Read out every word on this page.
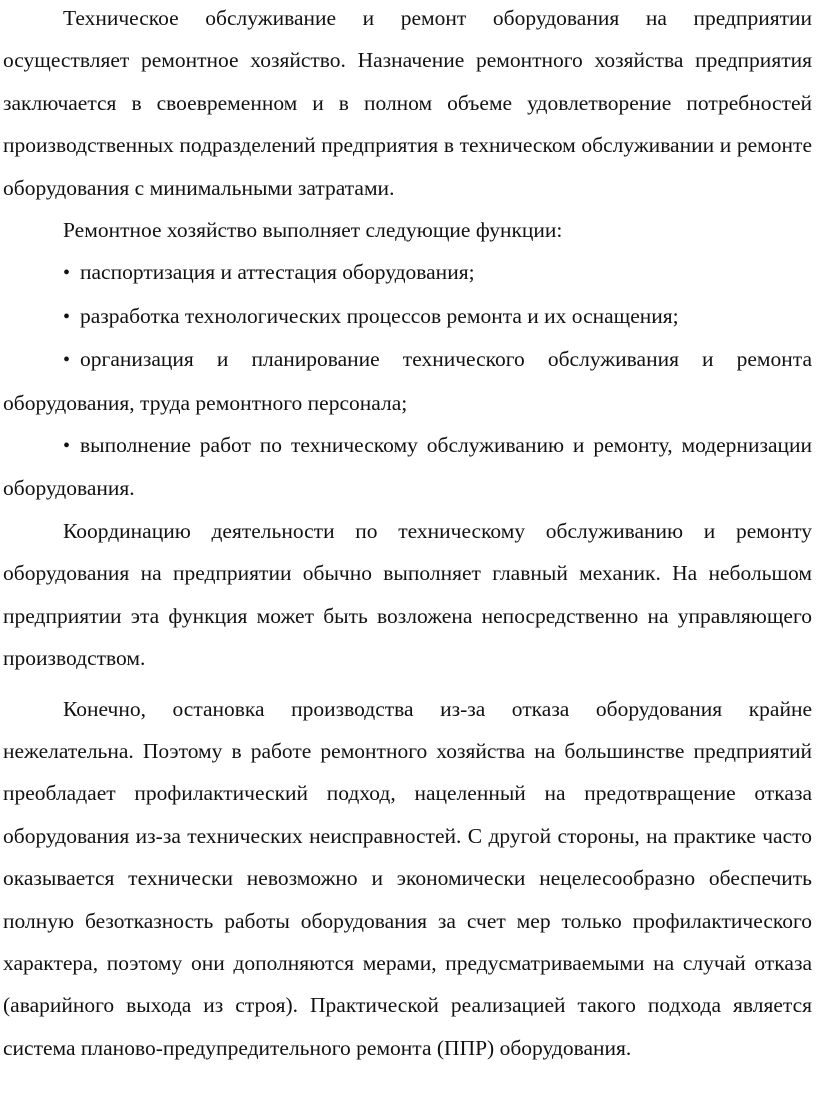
Техническое обслуживание и ремонт оборудования на предприятии осуществляет ремонтное хозяйство. Назначение ремонтного хозяйства предприятия заключается в своевременном и в полном объеме удовлетворение потребностей производственных подразделений предприятия в техническом обслуживании и ремонте оборудования с минимальными затратами.

Ремонтное хозяйство выполняет следующие функции:

• паспортизация и аттестация оборудования;
• разработка технологических процессов ремонта и их оснащения;
• организация и планирование технического обслуживания и ремонта оборудования, труда ремонтного персонала;
• выполнение работ по техническому обслуживанию и ремонту, модернизации оборудования.

Координацию деятельности по техническому обслуживанию и ремонту оборудования на предприятии обычно выполняет главный механик. На небольшом предприятии эта функция может быть возложена непосредственно на управляющего производством.

Конечно, остановка производства из-за отказа оборудования крайне нежелательна. Поэтому в работе ремонтного хозяйства на большинстве предприятий преобладает профилактический подход, нацеленный на предотвращение отказа оборудования из-за технических неисправностей. С другой стороны, на практике часто оказывается технически невозможно и экономически нецелесообразно обеспечить полную безотказность работы оборудования за счет мер только профилактического характера, поэтому они дополняются мерами, предусматриваемыми на случай отказа (аварийного выхода из строя). Практической реализацией такого подхода является система планово-предупредительного ремонта (ППР) оборудования.
